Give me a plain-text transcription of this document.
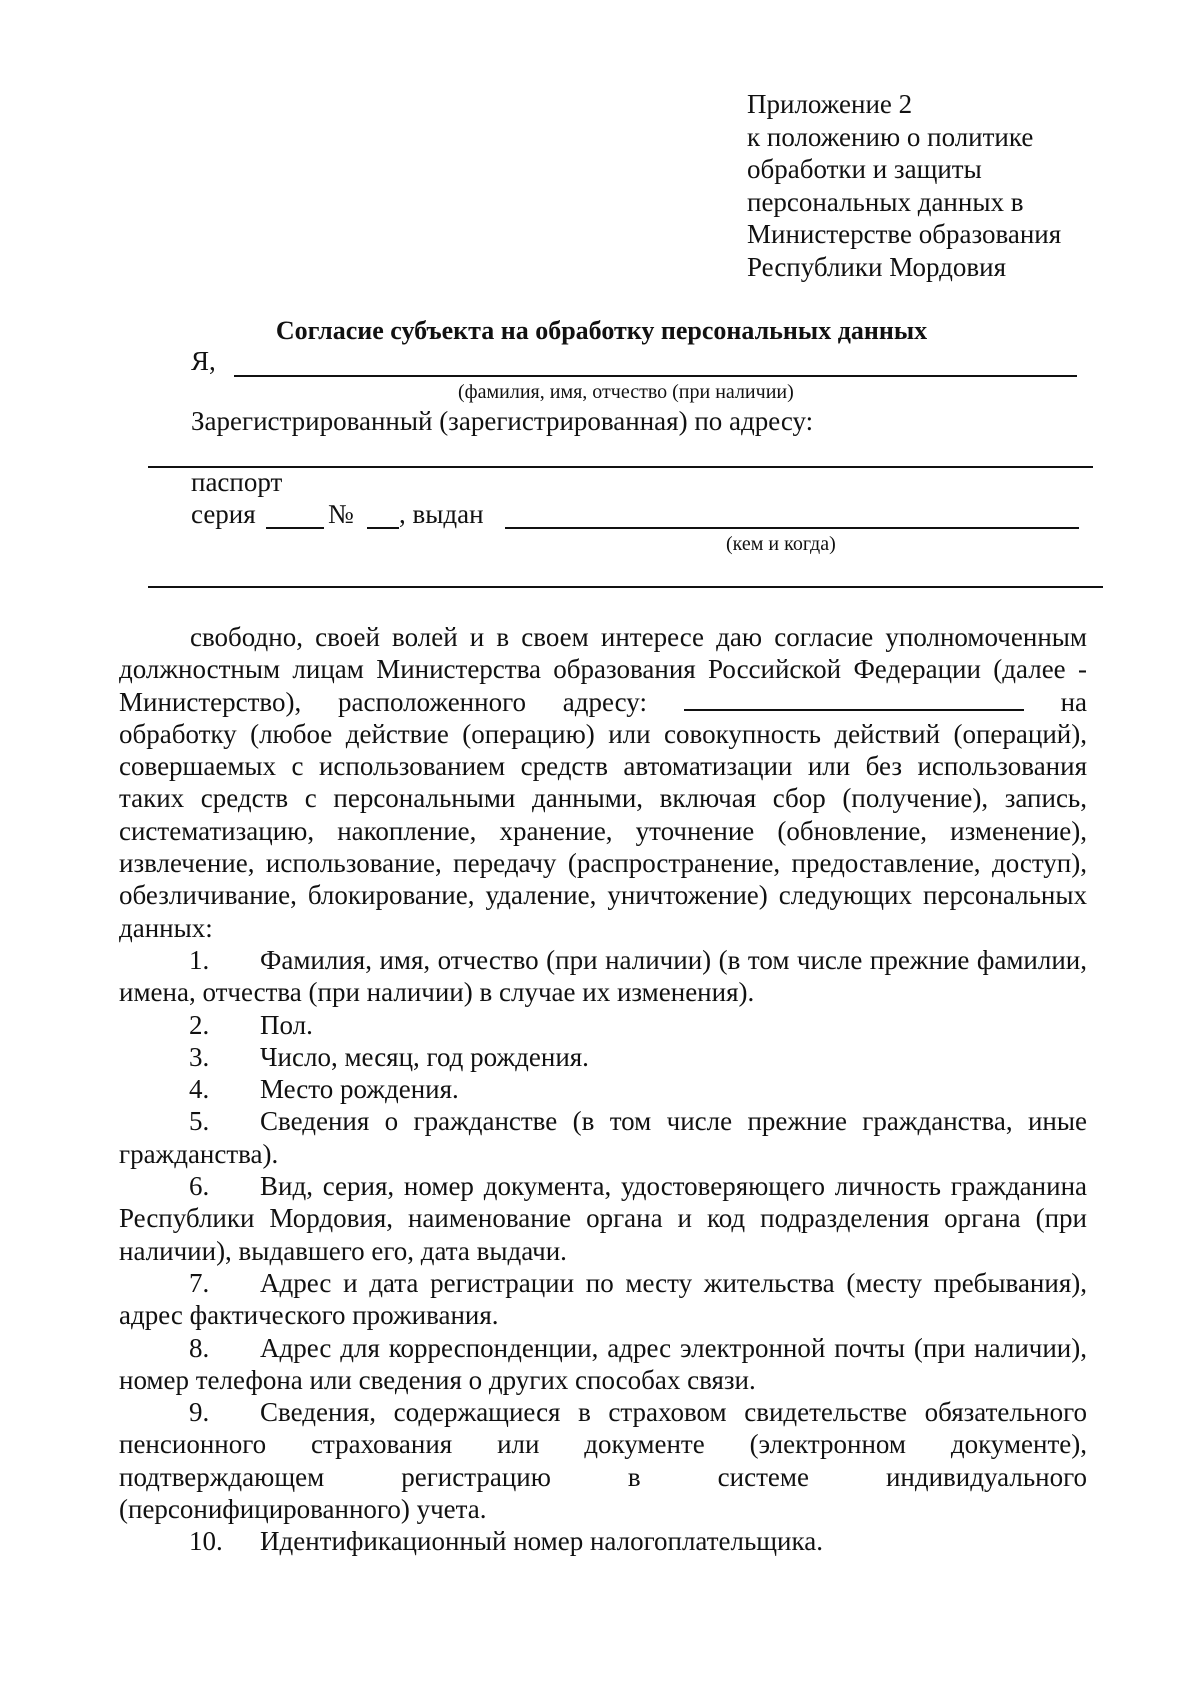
Приложение 2
к положению о политике
обработки и защиты
персональных данных в
Министерстве образования
Республики Мордовия
Согласие субъекта на обработку персональных данных
Я,
(фамилия, имя, отчество (при наличии)
Зарегистрированный (зарегистрированная) по адресу:
паспорт
серия	№ , выдан
(кем и когда)
свободно, своей волей и в своем интересе даю согласие уполномоченным
должностным лицам Министерства образования Российской Федерации (далее -
Министерство), расположенного адресу:	на
обработку (любое действие (операцию) или совокупность действий (операций), совершаемых с использованием средств автоматизации или без использования таких средств с персональными данными, включая сбор (получение), запись, систематизацию, накопление, хранение, уточнение (обновление, изменение), извлечение, использование, передачу (распространение, предоставление, доступ), обезличивание, блокирование, удаление, уничтожение) следующих персональных данных:
1. Фамилия, имя, отчество (при наличии) (в том числе прежние фамилии, имена, отчества (при наличии) в случае их изменения).
2. Пол.
3. Число, месяц, год рождения.
4. Место рождения.
5. Сведения о гражданстве (в том числе прежние гражданства, иные гражданства).
6. Вид, серия, номер документа, удостоверяющего личность гражданина Республики Мордовия, наименование органа и код подразделения органа (при наличии), выдавшего его, дата выдачи.
7. Адрес и дата регистрации по месту жительства (месту пребывания), адрес фактического проживания.
8. Адрес для корреспонденции, адрес электронной почты (при наличии), номер телефона или сведения о других способах связи.
9. Сведения, содержащиеся в страховом свидетельстве обязательного пенсионного страхования или документе (электронном документе), подтверждающем регистрацию в системе индивидуального (персонифицированного) учета.
10. Идентификационный номер налогоплательщика.
